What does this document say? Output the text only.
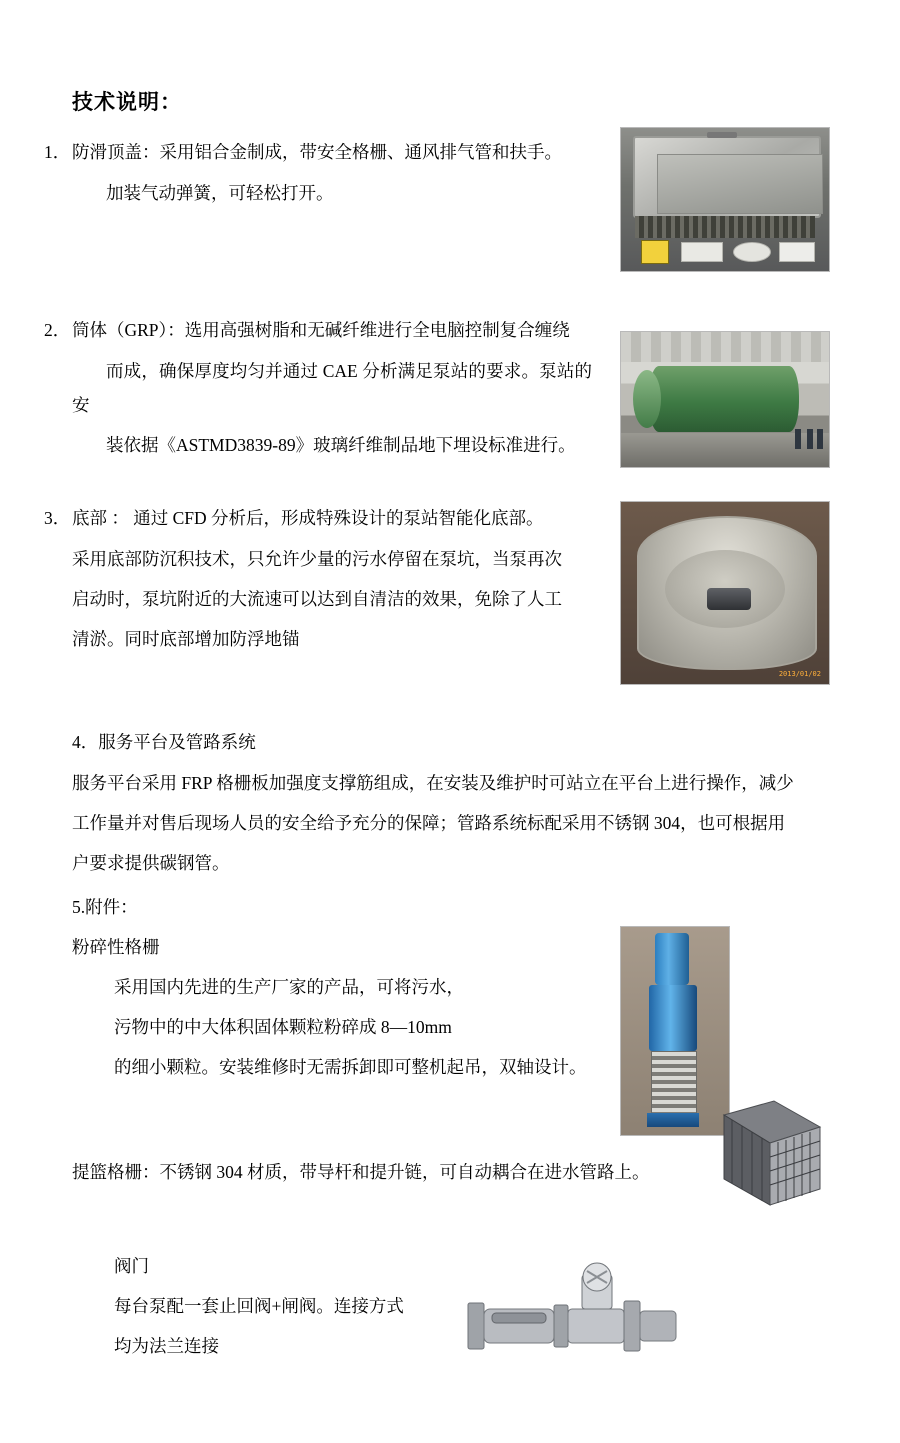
技术说明：

1． 防滑顶盖：采用铝合金制成，带安全格栅、通风排气管和扶手。

加装气动弹簧，可轻松打开。

2． 筒体（GRP）：选用高强树脂和无碱纤维进行全电脑控制复合缠绕

而成，确保厚度均匀并通过 CAE 分析满足泵站的要求。泵站的安

装依据《ASTMD3839-89》玻璃纤维制品地下埋设标准进行。

2013/01/02

3． 底部 ： 通过 CFD 分析后，形成特殊设计的泵站智能化底部。

采用底部防沉积技术，只允许少量的污水停留在泵坑，当泵再次

启动时，泵坑附近的大流速可以达到自清洁的效果，免除了人工

清淤。同时底部增加防浮地锚

4．服务平台及管路系统

服务平台采用 FRP 格栅板加强度支撑筋组成，在安装及维护时可站立在平台上进行操作，减少

工作量并对售后现场人员的安全给予充分的保障；管路系统标配采用不锈钢 304，也可根据用

户要求提供碳钢管。

5.附件：

粉碎性格栅

采用国内先进的生产厂家的产品，可将污水，

污物中的中大体积固体颗粒粉碎成 8—10mm

的细小颗粒。安装维修时无需拆卸即可整机起吊，双轴设计。

提篮格栅：不锈钢 304 材质，带导杆和提升链，可自动耦合在进水管路上。

阀门

每台泵配一套止回阀+闸阀。连接方式

均为法兰连接
